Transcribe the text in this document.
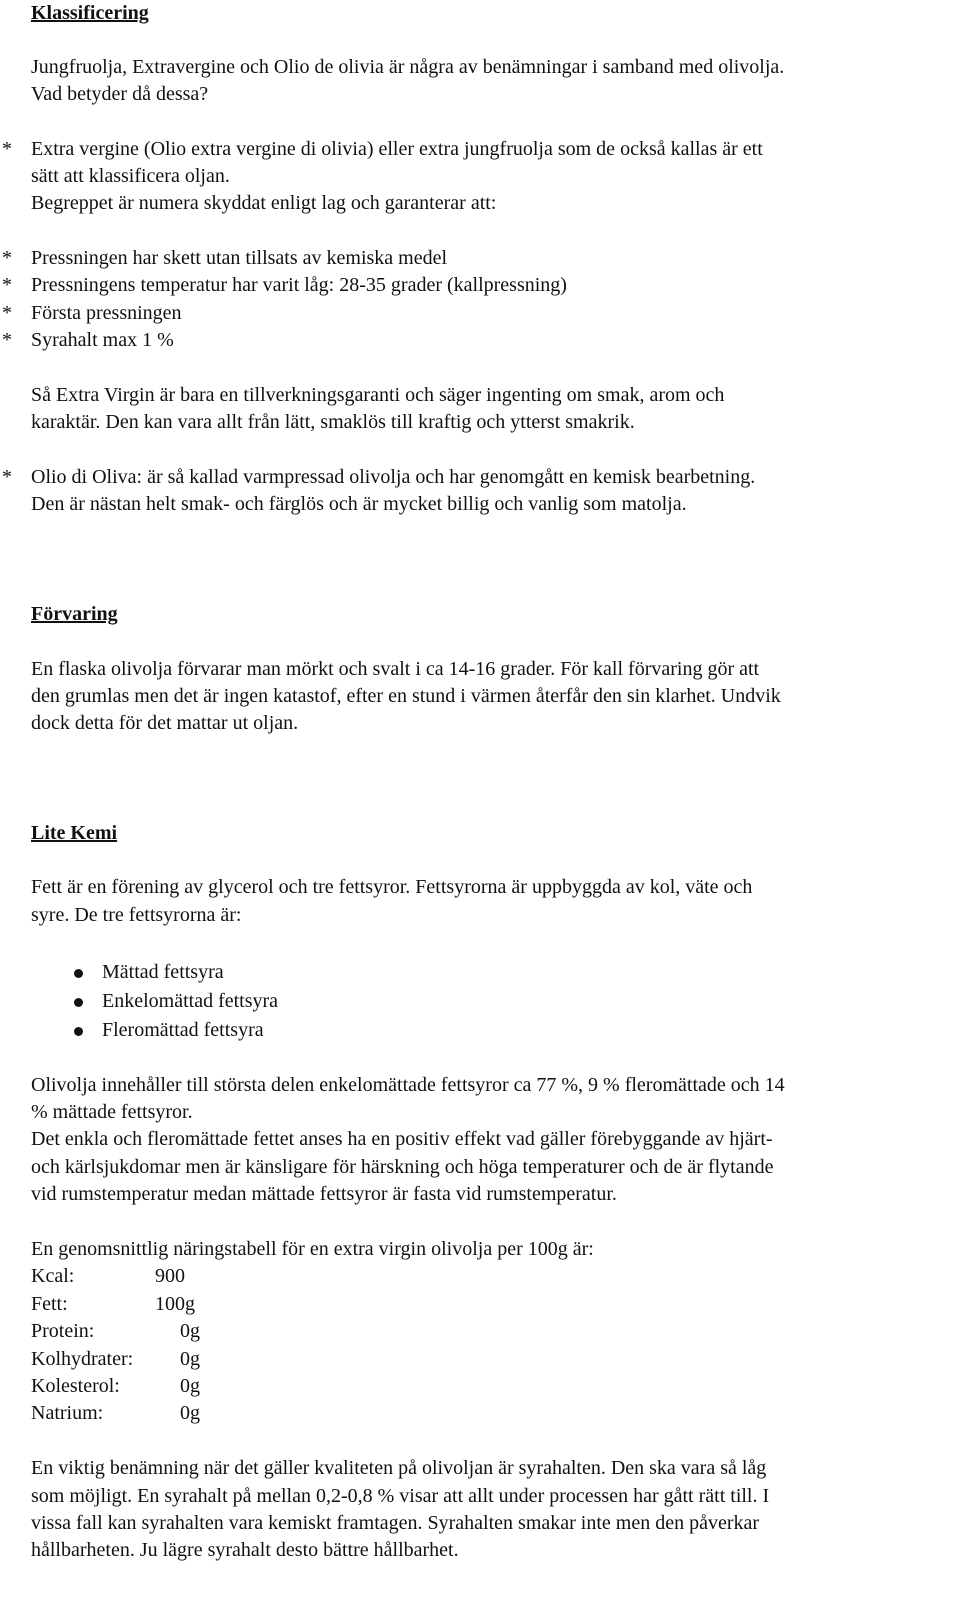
Klassificering
Jungfruolja, Extravergine och Olio de olivia är några av benämningar i samband med olivolja.
Vad betyder då dessa?
* Extra vergine (Olio extra vergine di olivia) eller extra jungfruolja som de också kallas är ett
sätt att klassificera oljan.
Begreppet är numera skyddat enligt lag och garanterar att:
* Pressningen har skett utan tillsats av kemiska medel
* Pressningens temperatur har varit låg: 28-35 grader (kallpressning)
* Första pressningen
* Syrahalt max 1 %
Så Extra Virgin är bara en tillverkningsgaranti och säger ingenting om smak, arom och
karaktär. Den kan vara allt från lätt, smaklös till kraftig och ytterst smakrik.
* Olio di Oliva: är så kallad varmpressad olivolja och har genomgått en kemisk bearbetning.
Den är nästan helt smak- och färglös och är mycket billig och vanlig som matolja.
Förvaring
En flaska olivolja förvarar man mörkt och svalt i ca 14-16 grader. För kall förvaring gör att
den grumlas men det är ingen katastof, efter en stund i värmen återfår den sin klarhet. Undvik
dock detta för det mattar ut oljan.
Lite Kemi
Fett är en förening av glycerol och tre fettsyror. Fettsyrorna är uppbyggda av kol, väte och
syre. De tre fettsyrorna är:
Mättad fettsyra
Enkelomättad fettsyra
Fleromättad fettsyra
Olivolja innehåller till största delen enkelomättade fettsyror ca 77 %, 9 % fleromättade och 14
% mättade fettsyror.
Det enkla och fleromättade fettet anses ha en positiv effekt vad gäller förebyggande av hjärt-
och kärlsjukdomar men är känsligare för härskning och höga temperaturer och de är flytande
vid rumstemperatur medan mättade fettsyror är fasta vid rumstemperatur.
En genomsnittlig näringstabell för en extra virgin olivolja per 100g är:
Kcal:	900
Fett:	100g
Protein:	0g
Kolhydrater: 0g
Kolesterol:	0g
Natrium:	0g
En viktig benämning när det gäller kvaliteten på olivoljan är syrahalten. Den ska vara så låg
som möjligt. En syrahalt på mellan 0,2-0,8 % visar att allt under processen har gått rätt till. I
vissa fall kan syrahalten vara kemiskt framtagen. Syrahalten smakar inte men den påverkar
hållbarheten. Ju lägre syrahalt desto bättre hållbarhet.
